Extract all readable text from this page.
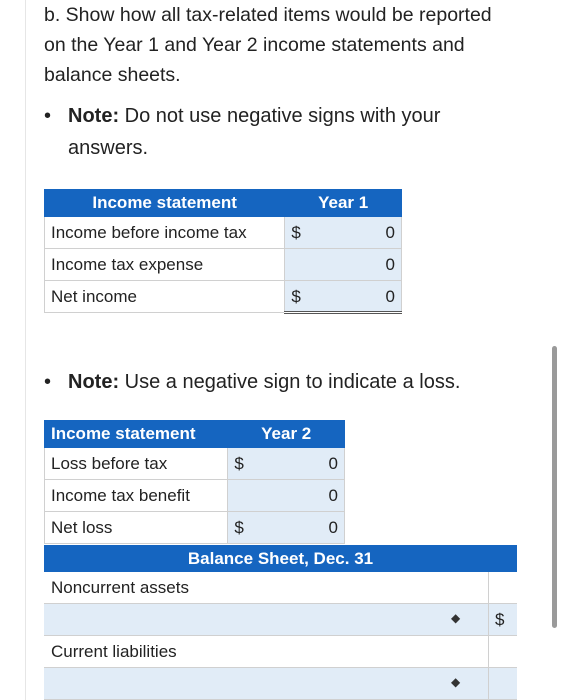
b. Show how all tax-related items would be reported on the Year 1 and Year 2 income statements and balance sheets.
• Note: Do not use negative signs with your answers.
Income statement	Year 1
Income before income tax	$ 0

Income tax expense	0

Net income	$ 0
• Note: Use a negative sign to indicate a loss.
Income statement	Year 2
Loss before tax	$ 0

Income tax benefit	0

Net loss	$ 0
Balance Sheet, Dec. 31
Noncurrent assets
◆ $
Current liabilities
◆
